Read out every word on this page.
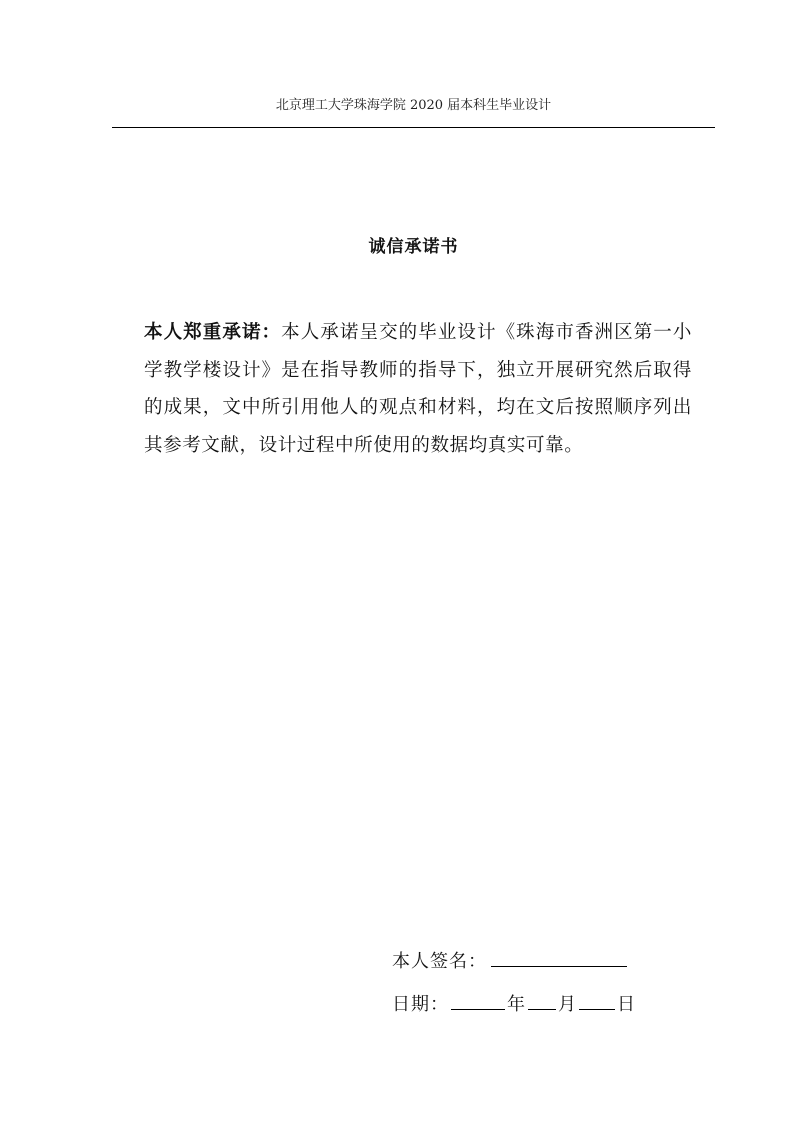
北京理工大学珠海学院 2020 届本科生毕业设计
诚信承诺书
本人郑重承诺：本人承诺呈交的毕业设计《珠海市香洲区第一小学教学楼设计》是在指导教师的指导下，独立开展研究然后取得的成果，文中所引用他人的观点和材料，均在文后按照顺序列出其参考文献，设计过程中所使用的数据均真实可靠。
本人签名：
日期：	年 月 日
